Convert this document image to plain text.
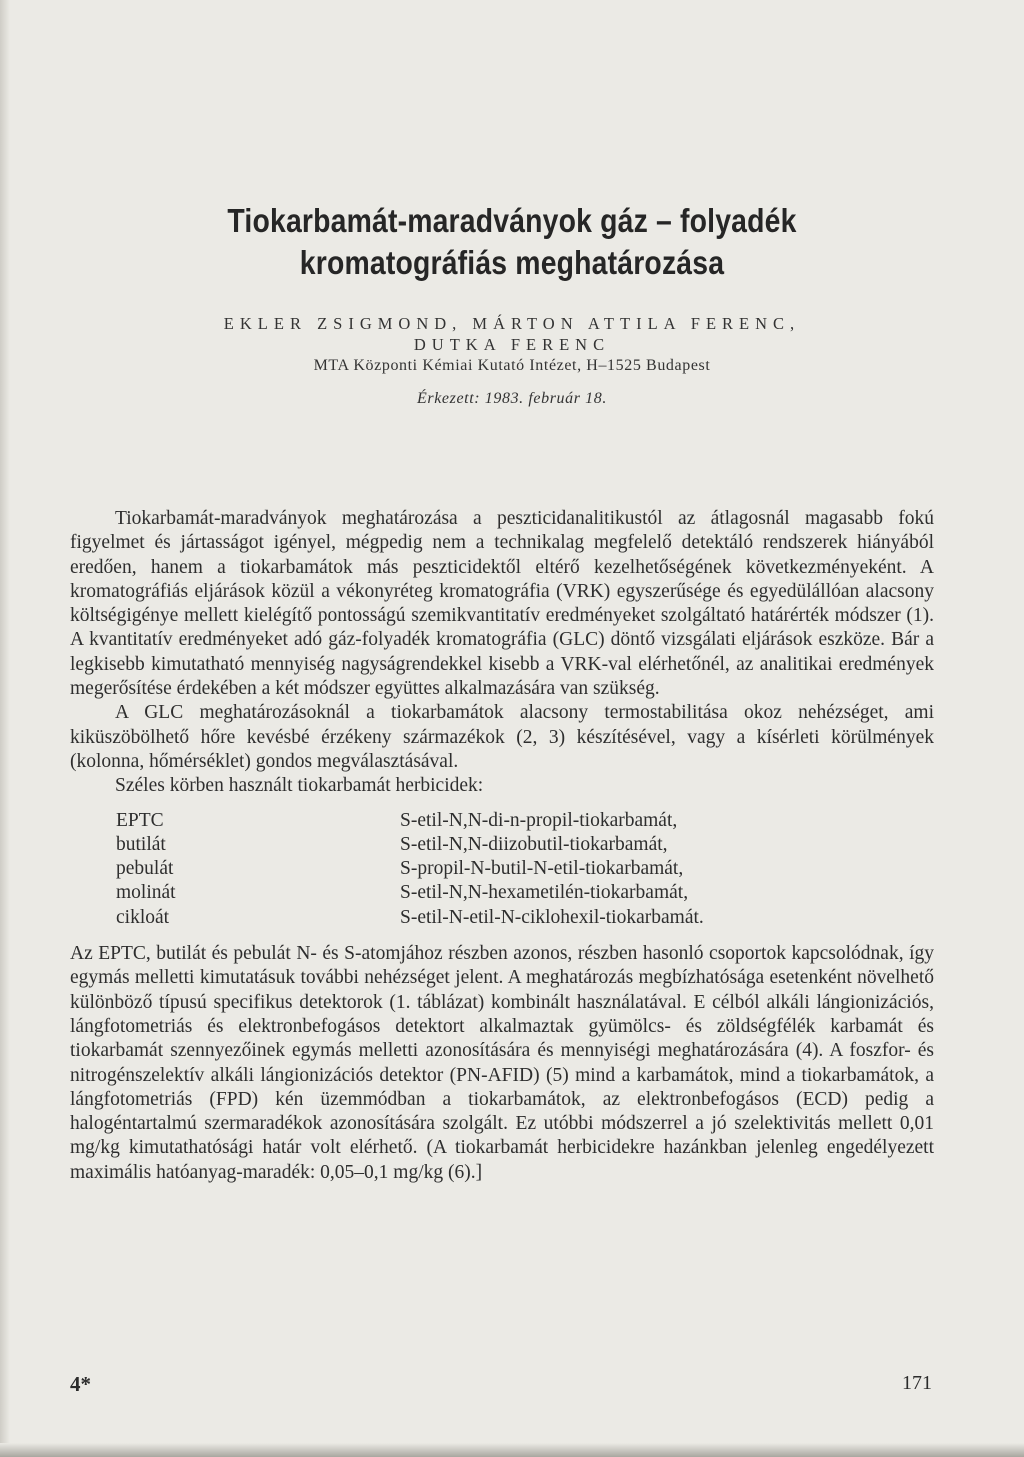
Tiokarbamát-maradványok gáz – folyadék
kromatográfiás meghatározása
EKLER ZSIGMOND, MÁRTON ATTILA FERENC,
DUTKA FERENC
MTA Központi Kémiai Kutató Intézet, H–1525 Budapest
Érkezett: 1983. február 18.

Tiokarbamát-maradványok meghatározása a peszticidanalitikustól az átlagosnál magasabb fokú figyelmet és jártasságot igényel, mégpedig nem a technikalag megfelelő detektáló rendszerek hiányából eredően, hanem a tiokarbamátok más peszticidektől eltérő kezelhetőségének következményeként. A kromatográfiás eljárások közül a vékonyréteg kromatográfia (VRK) egyszerűsége és egyedülállóan alacsony költségigénye mellett kielégítő pontosságú szemikvantitatív eredményeket szolgáltató határérték módszer (1). A kvantitatív eredményeket adó gáz-folyadék kromatográfia (GLC) döntő vizsgálati eljárások eszköze. Bár a legkisebb kimutatható mennyiség nagyságrendekkel kisebb a VRK-val elérhetőnél, az analitikai eredmények megerősítése érdekében a két módszer együttes alkalmazására van szükség.

A GLC meghatározásoknál a tiokarbamátok alacsony termostabilitása okoz nehézséget, ami kiküszöbölhető hőre kevésbé érzékeny származékok (2, 3) készítésével, vagy a kísérleti körülmények (kolonna, hőmérséklet) gondos megválasztásával.

Széles körben használt tiokarbamát herbicidek:

EPTC	S-etil-N,N-di-n-propil-tiokarbamát,
butilát	S-etil-N,N-diizobutil-tiokarbamát,
pebulát	S-propil-N-butil-N-etil-tiokarbamát,
molinát	S-etil-N,N-hexametilén-tiokarbamát,
cikloát	S-etil-N-etil-N-ciklohexil-tiokarbamát.

Az EPTC, butilát és pebulát N- és S-atomjához részben azonos, részben hasonló csoportok kapcsolódnak, így egymás melletti kimutatásuk további nehézséget jelent. A meghatározás megbízhatósága esetenként növelhető különböző típusú specifikus detektorok (1. táblázat) kombinált használatával. E célból alkáli lángionizációs, lángfotometriás és elektronbefogásos detektort alkalmaztak gyümölcs- és zöldségfélék karbamát és tiokarbamát szennyezőinek egymás melletti azonosítására és mennyiségi meghatározására (4). A foszfor- és nitrogénszelektív alkáli lángionizációs detektor (PN-AFID) (5) mind a karbamátok, mind a tiokarbamátok, a lángfotometriás (FPD) kén üzemmódban a tiokarbamátok, az elektronbefogásos (ECD) pedig a halogéntartalmú szermaradékok azonosítására szolgált. Ez utóbbi módszerrel a jó szelektivitás mellett 0,01 mg/kg kimutathatósági határ volt elérhető. (A tiokarbamát herbicidekre hazánkban jelenleg engedélyezett maximális hatóanyag-maradék: 0,05–0,1 mg/kg (6).]

4*	171
